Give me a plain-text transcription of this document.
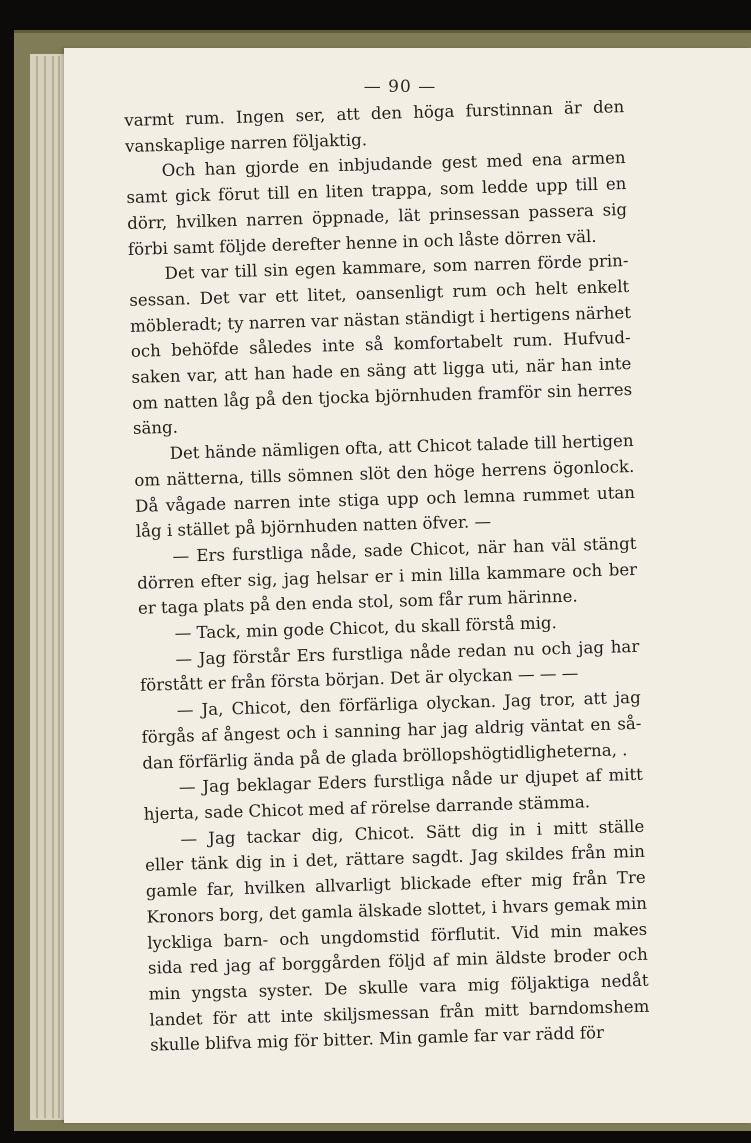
— 90 —

varmt rum. Ingen ser, att den höga furstinnan är den
vanskaplige narren följaktig.

Och han gjorde en inbjudande gest med ena armen
samt gick förut till en liten trappa, som ledde upp till en
dörr, hvilken narren öppnade, lät prinsessan passera sig
förbi samt följde derefter henne in och låste dörren väl.

Det var till sin egen kammare, som narren förde prin-
sessan. Det var ett litet, oansenligt rum och helt enkelt
möbleradt; ty narren var nästan ständigt i hertigens närhet
och behöfde således inte så komfortabelt rum. Hufvud-
saken var, att han hade en säng att ligga uti, när han inte
om natten låg på den tjocka björnhuden framför sin herres
säng.

Det hände nämligen ofta, att Chicot talade till hertigen
om nätterna, tills sömnen slöt den höge herrens ögonlock.
Då vågade narren inte stiga upp och lemna rummet utan
låg i stället på björnhuden natten öfver. —

— Ers furstliga nåde, sade Chicot, när han väl stängt
dörren efter sig, jag helsar er i min lilla kammare och ber
er taga plats på den enda stol, som får rum härinne.

— Tack, min gode Chicot, du skall förstå mig.

— Jag förstår Ers furstliga nåde redan nu och jag har
förstått er från första början. Det är olyckan — — —

— Ja, Chicot, den förfärliga olyckan. Jag tror, att jag
förgås af ångest och i sanning har jag aldrig väntat en så-
dan förfärlig ända på de glada bröllopshögtidligheterna, .

— Jag beklagar Eders furstliga nåde ur djupet af mitt
hjerta, sade Chicot med af rörelse darrande stämma.

— Jag tackar dig, Chicot. Sätt dig in i mitt ställe
eller tänk dig in i det, rättare sagdt. Jag skildes från min
gamle far, hvilken allvarligt blickade efter mig från Tre
Kronors borg, det gamla älskade slottet, i hvars gemak min
lyckliga barn- och ungdomstid förflutit. Vid min makes
sida red jag af borggården följd af min äldste broder och
min yngsta syster. De skulle vara mig följaktiga nedåt
landet för att inte skiljsmessan från mitt barndomshem
skulle blifva mig för bitter. Min gamle far var rädd för
